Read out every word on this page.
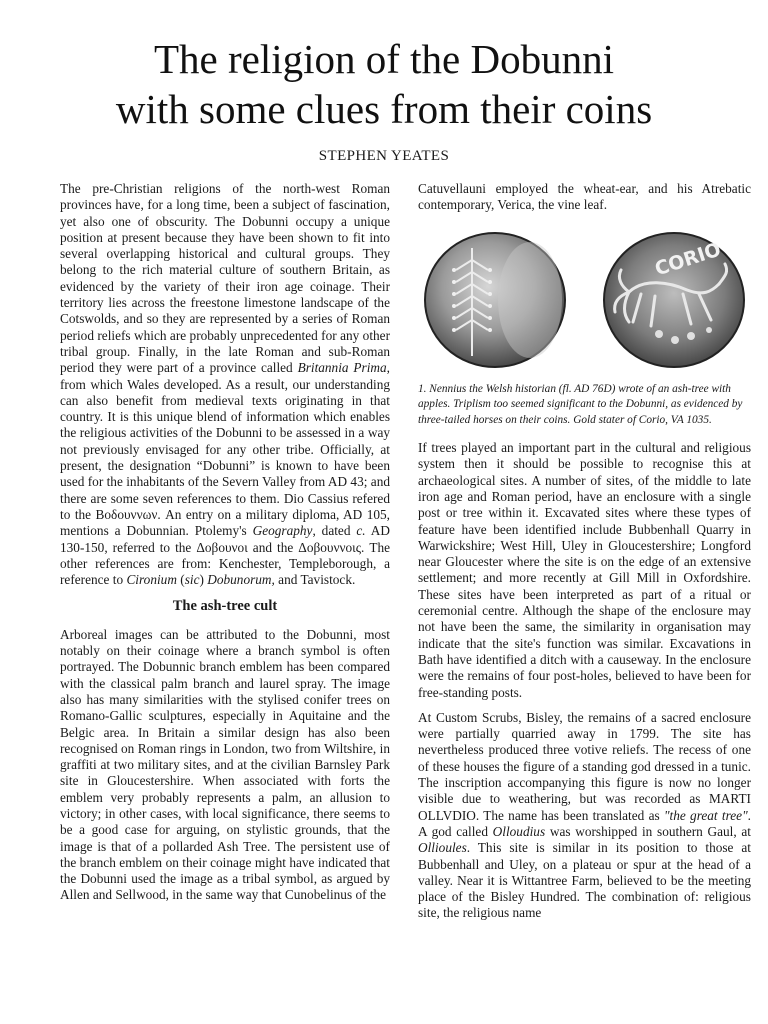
The religion of the Dobunni
with some clues from their coins
STEPHEN YEATES

The pre-Christian religions of the north-west Roman provinces have, for a long time, been a subject of fascination, yet also one of obscurity. The Dobunni occupy a unique position at present because they have been shown to fit into several overlapping historical and cultural groups. They belong to the rich material culture of southern Britain, as evidenced by the variety of their iron age coinage. Their territory lies across the freestone limestone landscape of the Cotswolds, and so they are represented by a series of Roman period reliefs which are probably unprecedented for any other tribal group. Finally, in the late Roman and sub-Roman period they were part of a province called Britannia Prima, from which Wales developed. As a result, our understanding can also benefit from medieval texts originating in that country. It is this unique blend of information which enables the religious activities of the Dobunni to be assessed in a way not previously envisaged for any other tribe. Officially, at present, the designation “Dobunni” is known to have been used for the inhabitants of the Severn Valley from AD 43; and there are some seven references to them. Dio Cassius refered to the Βοδουννων. An entry on a military diploma, AD 105, mentions a Dobunnian. Ptolemy's Geography, dated c. AD 130-150, referred to the Δοβουνοι and the Δοβουννοις. The other references are from: Kenchester, Templeborough, a reference to Cironium (sic) Dobunorum, and Tavistock.

The ash-tree cult

Arboreal images can be attributed to the Dobunni, most notably on their coinage where a branch symbol is often portrayed. The Dobunnic branch emblem has been compared with the classical palm branch and laurel spray. The image also has many similarities with the stylised conifer trees on Romano-Gallic sculptures, especially in Aquitaine and the Belgic area. In Britain a similar design has also been recognised on Roman rings in London, two from Wiltshire, in graffiti at two military sites, and at the civilian Barnsley Park site in Gloucestershire. When associated with forts the emblem very probably represents a palm, an allusion to victory; in other cases, with local significance, there seems to be a good case for arguing, on stylistic grounds, that the image is that of a pollarded Ash Tree. The persistent use of the branch emblem on their coinage might have indicated that the Dobunni used the image as a tribal symbol, as argued by Allen and Sellwood, in the same way that Cunobelinus of the

Catuvellauni employed the wheat-ear, and his Atrebatic contemporary, Verica, the vine leaf.

CORIO
1. Nennius the Welsh historian (fl. AD 76D) wrote of an ash-tree with apples. Triplism too seemed significant to the Dobunni, as evidenced by three-tailed horses on their coins. Gold stater of Corio, VA 1035.

If trees played an important part in the cultural and religious system then it should be possible to recognise this at archaeological sites. A number of sites, of the middle to late iron age and Roman period, have an enclosure with a single post or tree within it. Excavated sites where these types of feature have been identified include Bubbenhall Quarry in Warwickshire; West Hill, Uley in Gloucestershire; Longford near Gloucester where the site is on the edge of an extensive settlement; and more recently at Gill Mill in Oxfordshire. These sites have been interpreted as part of a ritual or ceremonial centre. Although the shape of the enclosure may not have been the same, the similarity in organisation may indicate that the site's function was similar. Excavations in Bath have identified a ditch with a causeway. In the enclosure were the remains of four post-holes, believed to have been for free-standing posts.

At Custom Scrubs, Bisley, the remains of a sacred enclosure were partially quarried away in 1799. The site has nevertheless produced three votive reliefs. The recess of one of these houses the figure of a standing god dressed in a tunic. The inscription accompanying this figure is now no longer visible due to weathering, but was recorded as MARTI OLLVDIO. The name has been translated as "the great tree". A god called Olloudius was worshipped in southern Gaul, at Ollioules. This site is similar in its position to those at Bubbenhall and Uley, on a plateau or spur at the head of a valley. Near it is Wittantree Farm, believed to be the meeting place of the Bisley Hundred. The combination of: religious site, the religious name
